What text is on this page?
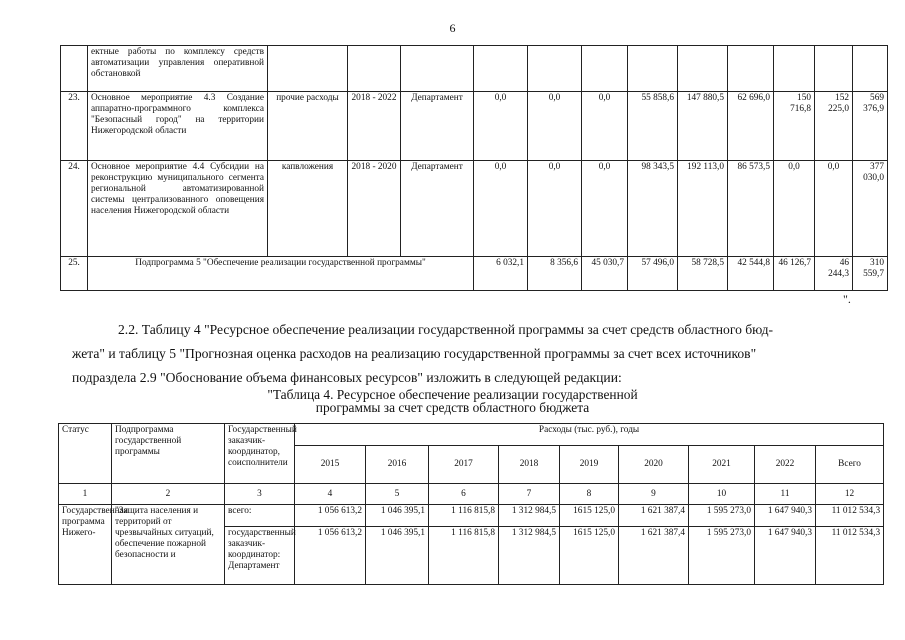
6
	ектные работы по комплексу средств автоматизации управления оперативной обстановкой												
23.	Основное мероприятие 4.3 Создание аппаратно-программного комплекса "Безопасный город" на территории Нижегородской области	прочие расходы	2018 - 2022	Департамент	0,0	0,0	0,0	55 858,6	147 880,5	62 696,0	150 716,8	152 225,0	569 376,9
24.	Основное мероприятие 4.4 Субсидии на реконструкцию муниципального сегмента региональной автоматизированной системы централизованного оповещения населения Нижегородской области	капвложения	2018 - 2020	Департамент	0,0	0,0	0,0	98 343,5	192 113,0	86 573,5	0,0	0,0	377 030,0
25.	Подпрограмма 5 "Обеспечение реализации государственной программы"				6 032,1	8 356,6	45 030,7	57 496,0	58 728,5	42 544,8	46 126,7	46 244,3	310 559,7
".
2.2. Таблицу 4 "Ресурсное обеспечение реализации государственной программы за счет средств областного бюд-
жета" и таблицу 5 "Прогнозная оценка расходов на реализацию государственной программы за счет всех источников"
подраздела 2.9 "Обоснование объема финансовых ресурсов" изложить в следующей редакции:
"Таблица 4. Ресурсное обеспечение реализации государственной
программы за счет средств областного бюджета
Статус	Подпрограмма государственной программы	Государственный заказчик-координатор, соисполнители	Расходы (тыс. руб.), годы								
			2015	2016	2017	2018	2019	2020	2021	2022	Всего
1	2	3	4	5	6	7	8	9	10	11	12
Государственная программа Нижего-	"Защита населения и территорий от чрезвычайных ситуаций, обеспечение пожарной безопасности и	всего:	1 056 613,2	1 046 395,1	1 116 815,8	1 312 984,5	1615 125,0	1 621 387,4	1 595 273,0	1 647 940,3	11 012 534,3
		государственный заказчик-координатор: Департамент	1 056 613,2	1 046 395,1	1 116 815,8	1 312 984,5	1615 125,0	1 621 387,4	1 595 273,0	1 647 940,3	11 012 534,3
